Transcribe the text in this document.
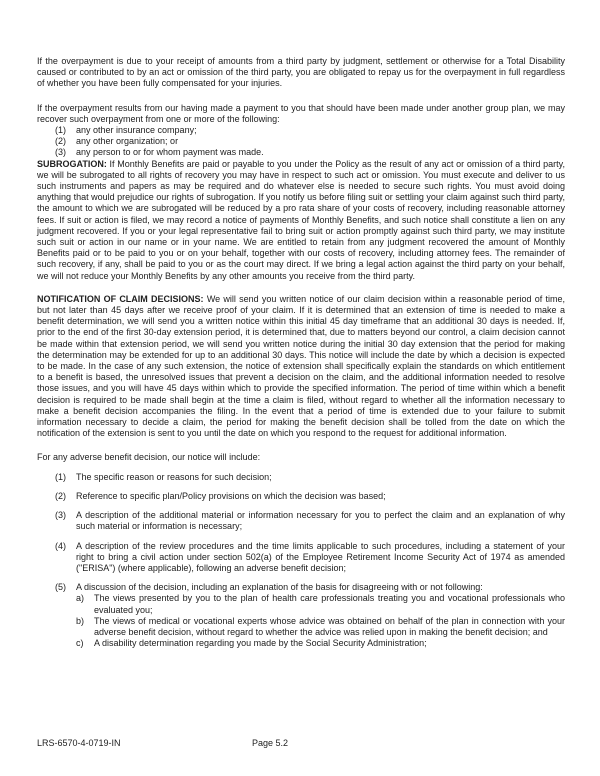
If the overpayment is due to your receipt of amounts from a third party by judgment, settlement or otherwise for a Total Disability caused or contributed to by an act or omission of the third party, you are obligated to repay us for the overpayment in full regardless of whether you have been fully compensated for your injuries.

If the overpayment results from our having made a payment to you that should have been made under another group plan, we may recover such overpayment from one or more of the following:

(1)	any other insurance company;
(2)	any other organization; or
(3)	any person to or for whom payment was made.

SUBROGATION: If Monthly Benefits are paid or payable to you under the Policy as the result of any act or omission of a third party, we will be subrogated to all rights of recovery you may have in respect to such act or omission. You must execute and deliver to us such instruments and papers as may be required and do whatever else is needed to secure such rights. You must avoid doing anything that would prejudice our rights of subrogation. If you notify us before filing suit or settling your claim against such third party, the amount to which we are subrogated will be reduced by a pro rata share of your costs of recovery, including reasonable attorney fees. If suit or action is filed, we may record a notice of payments of Monthly Benefits, and such notice shall constitute a lien on any judgment recovered. If you or your legal representative fail to bring suit or action promptly against such third party, we may institute such suit or action in our name or in your name. We are entitled to retain from any judgment recovered the amount of Monthly Benefits paid or to be paid to you or on your behalf, together with our costs of recovery, including attorney fees. The remainder of such recovery, if any, shall be paid to you or as the court may direct. If we bring a legal action against the third party on your behalf, we will not reduce your Monthly Benefits by any other amounts you receive from the third party.

NOTIFICATION OF CLAIM DECISIONS: We will send you written notice of our claim decision within a reasonable period of time, but not later than 45 days after we receive proof of your claim. If it is determined that an extension of time is needed to make a benefit determination, we will send you a written notice within this initial 45 day timeframe that an additional 30 days is needed. If, prior to the end of the first 30-day extension period, it is determined that, due to matters beyond our control, a claim decision cannot be made within that extension period, we will send you written notice during the initial 30 day extension that the period for making the determination may be extended for up to an additional 30 days. This notice will include the date by which a decision is expected to be made. In the case of any such extension, the notice of extension shall specifically explain the standards on which entitlement to a benefit is based, the unresolved issues that prevent a decision on the claim, and the additional information needed to resolve those issues, and you will have 45 days within which to provide the specified information. The period of time within which a benefit decision is required to be made shall begin at the time a claim is filed, without regard to whether all the information necessary to make a benefit decision accompanies the filing. In the event that a period of time is extended due to your failure to submit information necessary to decide a claim, the period for making the benefit decision shall be tolled from the date on which the notification of the extension is sent to you until the date on which you respond to the request for additional information.

For any adverse benefit decision, our notice will include:

(1)	The specific reason or reasons for such decision;
(2)	Reference to specific plan/Policy provisions on which the decision was based;
(3)	A description of the additional material or information necessary for you to perfect the claim and an explanation of why such material or information is necessary;
(4)	A description of the review procedures and the time limits applicable to such procedures, including a statement of your right to bring a civil action under section 502(a) of the Employee Retirement Income Security Act of 1974 as amended ("ERISA") (where applicable), following an adverse benefit decision;
(5)	A discussion of the decision, including an explanation of the basis for disagreeing with or not following:
a)	The views presented by you to the plan of health care professionals treating you and vocational professionals who evaluated you;
b)	The views of medical or vocational experts whose advice was obtained on behalf of the plan in connection with your adverse benefit decision, without regard to whether the advice was relied upon in making the benefit decision; and
c)	A disability determination regarding you made by the Social Security Administration;
LRS-6570-4-0719-IN	Page 5.2
